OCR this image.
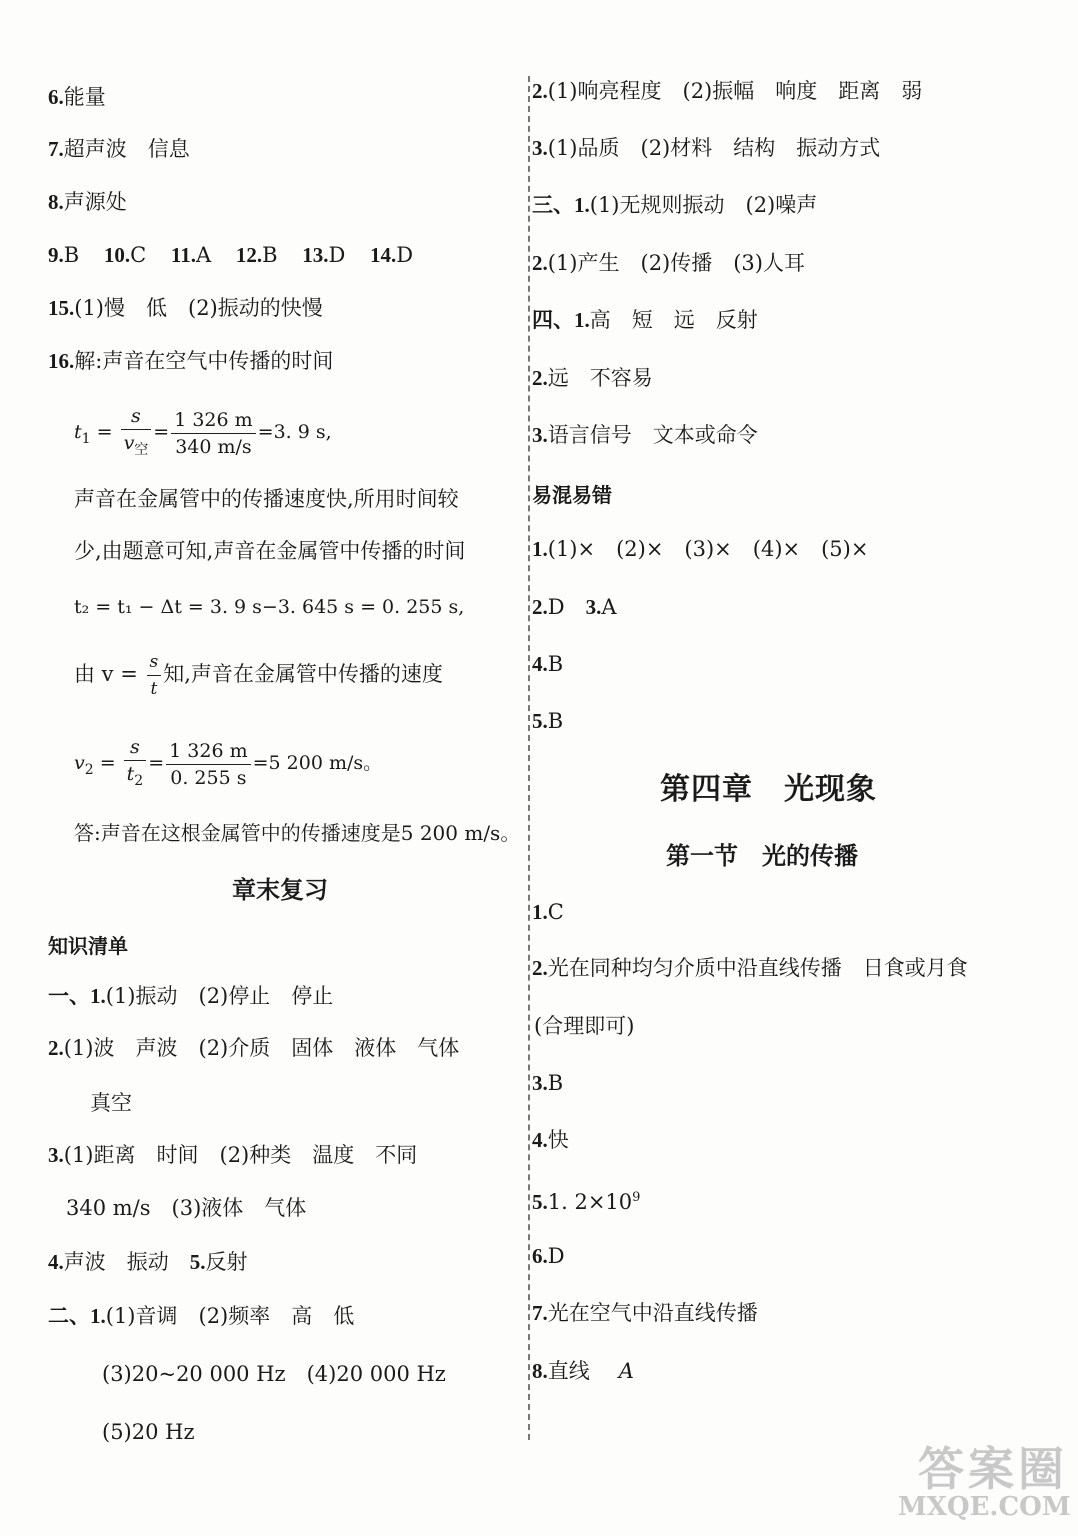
6.能量
7.超声波　信息
8.声源处
9.B 10.C 11.A 12.B 13.D 14.D
15.(1)慢　低　(2)振动的快慢
16.解:声音在空气中传播的时间
$t_1 = \frac{s}{v_空} = \frac{1 326 m}{340 m/s} =3$. 9 s,
声音在金属管中的传播速度快,所用时间较
少,由题意可知,声音在金属管中传播的时间
t₂ = t₁ − Δt = 3. 9 s−3. 645 s = 0. 255 s,
由 $v = \frac{s}{t}$ 知,声音在金属管中传播的速度
$v_2 = \frac{s}{t_2} = \frac{1 326 m}{0. 255 s} =5$ 200 m/s。
答:声音在这根金属管中的传播速度是5 200 m/s。
章末复习
知识清单
一、1.(1)振动　(2)停止　停止
2.(1)波　声波　(2)介质　固体　液体　气体
真空
3.(1)距离　时间　(2)种类　温度　不同
340 m/s　(3)液体　气体
4.声波　振动　5.反射
二、1.(1)音调　(2)频率　高　低
(3)20~20 000 Hz　(4)20 000 Hz
(5)20 Hz
2.(1)响亮程度　(2)振幅　响度　距离　弱
3.(1)品质　(2)材料　结构　振动方式
三、1.(1)无规则振动　(2)噪声
2.(1)产生　(2)传播　(3)人耳
四、1.高　短　远　反射
2.远　不容易
3.语言信号　文本或命令
易混易错
1.(1)×　(2)×　(3)×　(4)×　(5)×
2.D　3.A
4.B
5.B
第四章　光现象
第一节　光的传播
1.C
2.光在同种均匀介质中沿直线传播　日食或月食
(合理即可)
3.B
4.快
5.1. $2\times 10^9$
6.D
7.光在空气中沿直线传播
8.直线　A
答案圈
MXQE.COM
